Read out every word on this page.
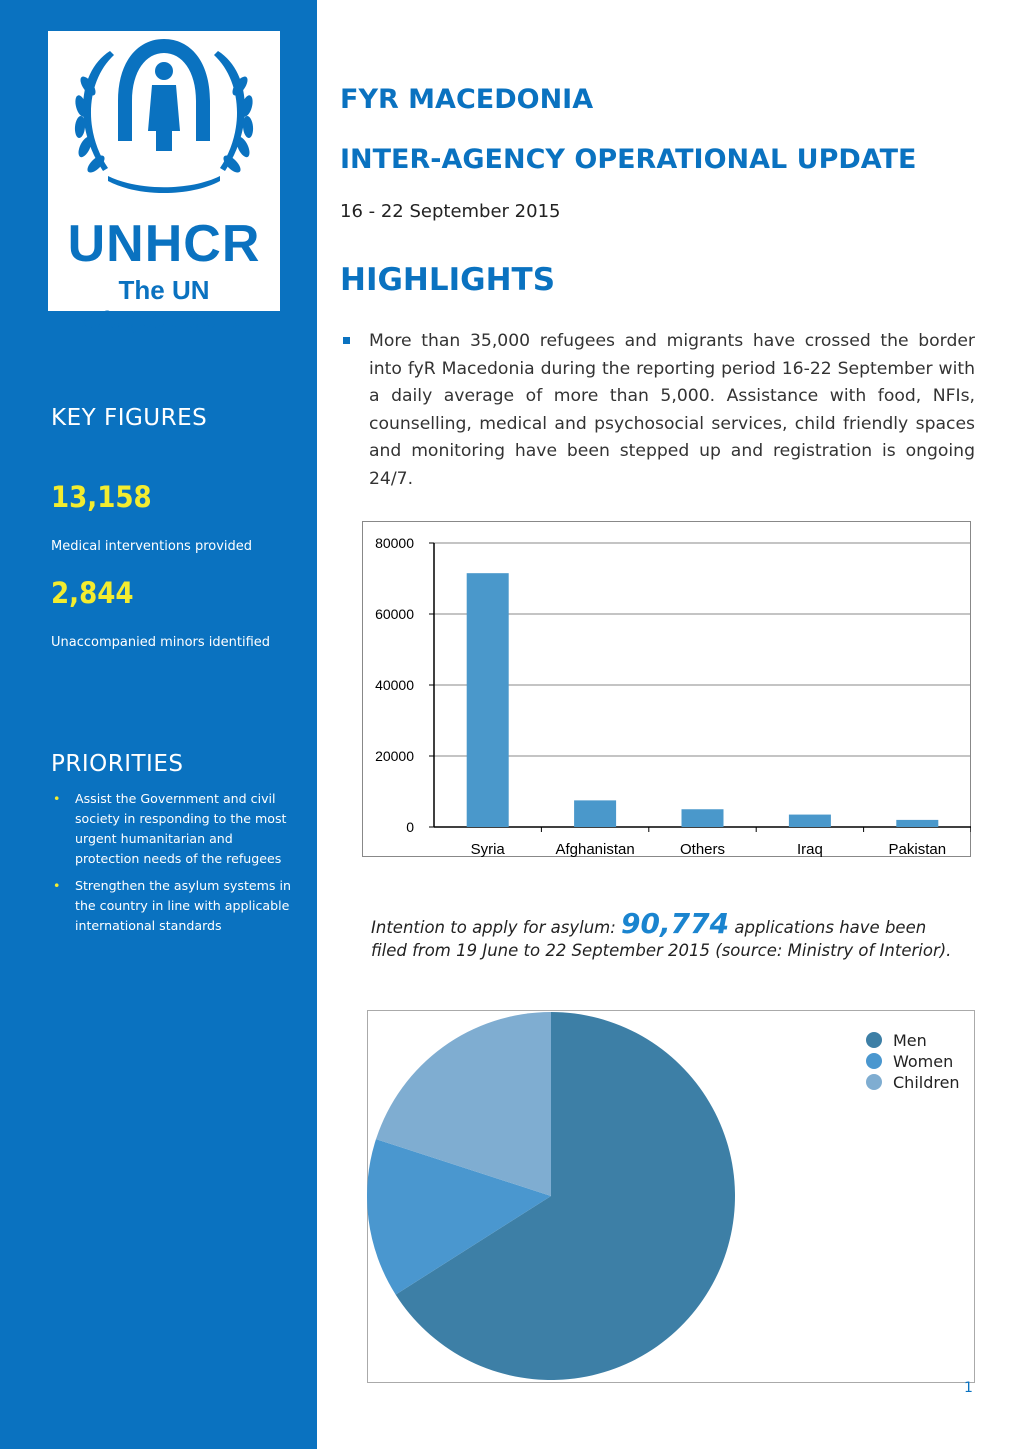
UNHCR
The UN
Refugee Agency
KEY FIGURES
13,158
Medical interventions provided
2,844
Unaccompanied minors identified
PRIORITIES
• Assist the Government and civil society in responding to the most urgent humanitarian and protection needs of the refugees
• Strengthen the asylum systems in the country in line with applicable international standards
FYR MACEDONIA
INTER-AGENCY OPERATIONAL UPDATE
16 - 22 September 2015
HIGHLIGHTS
More than 35,000 refugees and migrants have crossed the border into fyR Macedonia during the reporting period 16-22 September with a daily average of more than 5,000. Assistance with food, NFIs, counselling, medical and psychosocial services, child friendly spaces and monitoring have been stepped up and registration is ongoing 24/7.
0
20000
40000
60000
80000
Syria	Afghanistan	Others	Iraq	Pakistan
Intention to apply for asylum: 90,774 applications have been filed from 19 June to 22 September 2015 (source: Ministry of Interior).
Men
Women
Children
1
